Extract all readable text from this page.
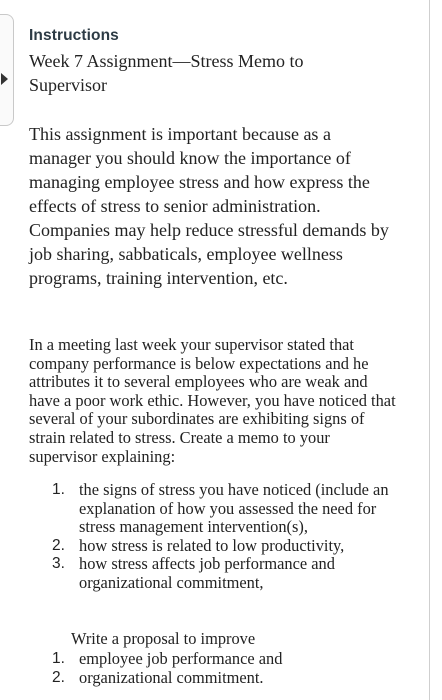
Instructions
Week 7 Assignment—Stress Memo to Supervisor
This assignment is important because as a manager you should know the importance of managing employee stress and how express the effects of stress to senior administration. Companies may help reduce stressful demands by job sharing, sabbaticals, employee wellness programs, training intervention, etc.
In a meeting last week your supervisor stated that company performance is below expectations and he attributes it to several employees who are weak and have a poor work ethic. However, you have noticed that several of your subordinates are exhibiting signs of strain related to stress. Create a memo to your supervisor explaining:
1. the signs of stress you have noticed (include an explanation of how you assessed the need for stress management intervention(s),
2. how stress is related to low productivity,
3. how stress affects job performance and organizational commitment,
Write a proposal to improve
1. employee job performance and
2. organizational commitment.
